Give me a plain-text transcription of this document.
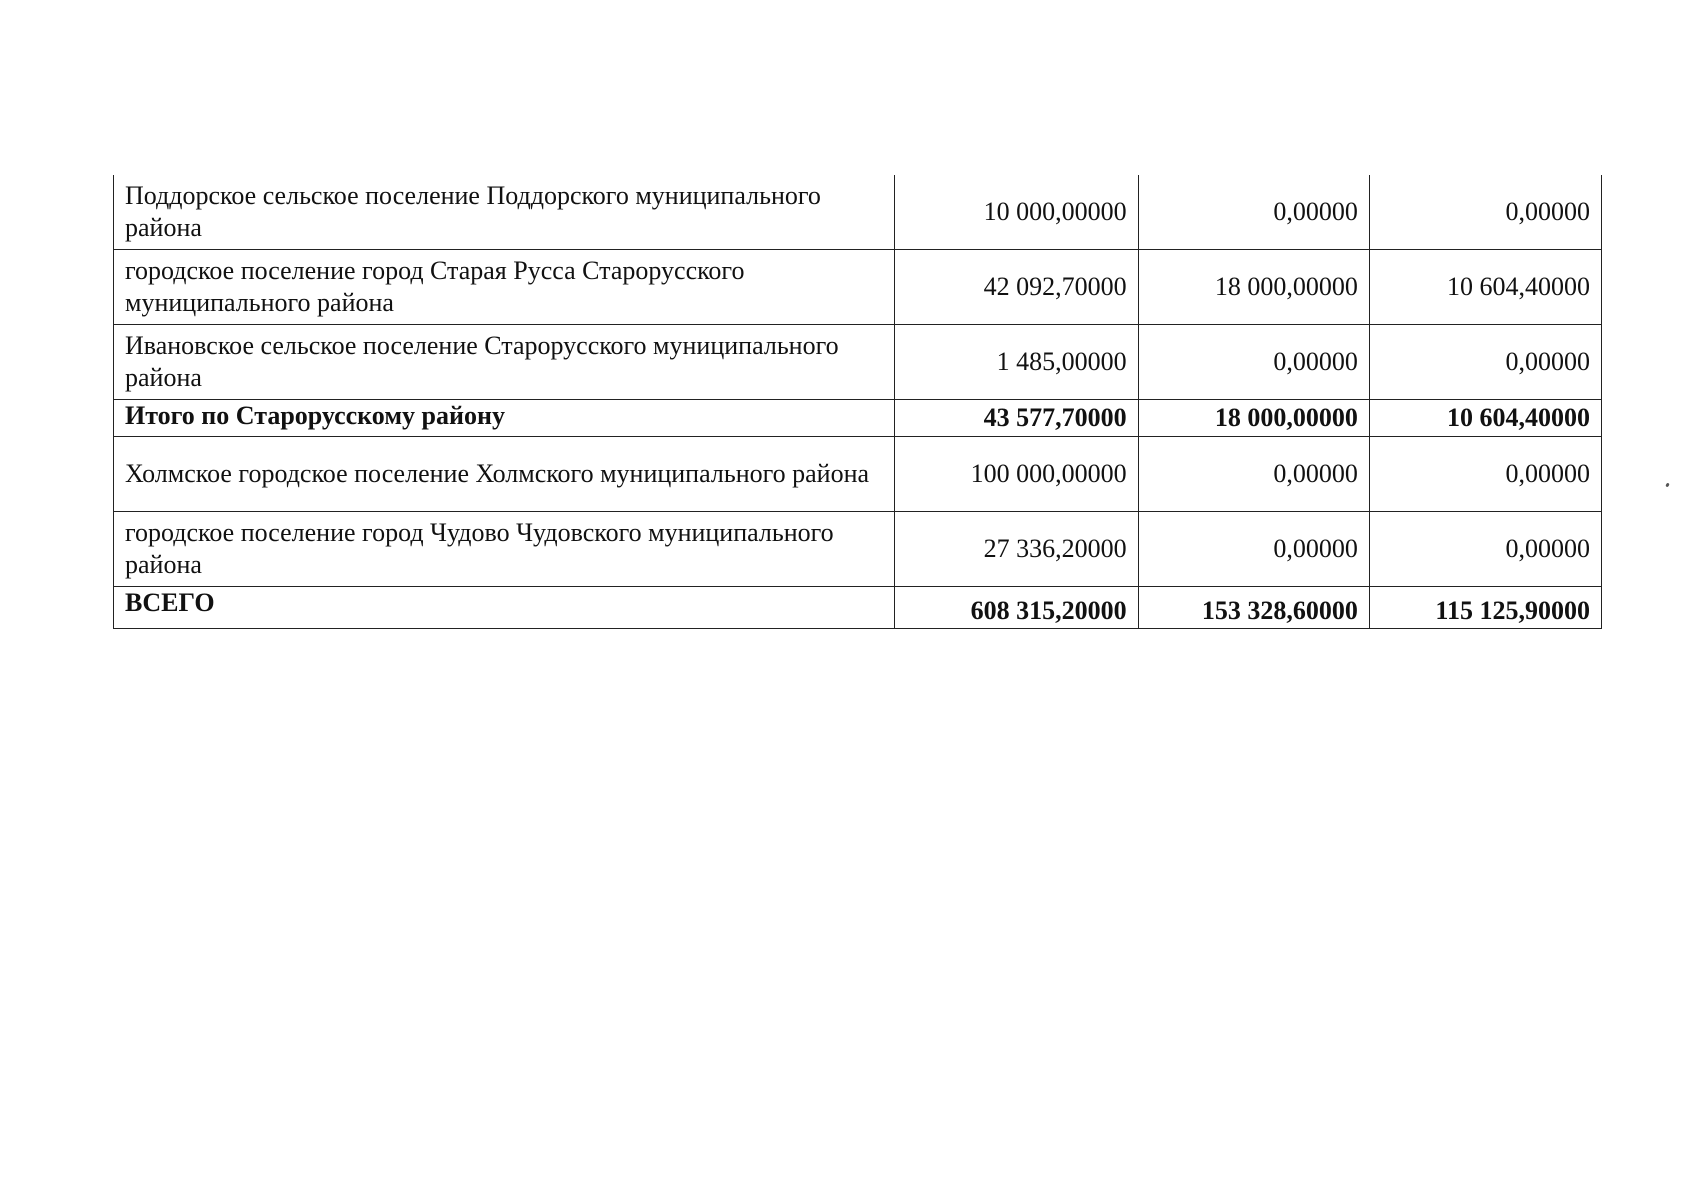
Поддорское сельское поселение Поддорского муниципального района	10 000,00000	0,00000	0,00000
городское поселение город Старая Русса Старорусского муниципального района	42 092,70000	18 000,00000	10 604,40000
Ивановское сельское поселение Старорусского муниципального района	1 485,00000	0,00000	0,00000
Итого по Старорусскому району	43 577,70000	18 000,00000	10 604,40000
Холмское городское поселение Холмского муниципального района	100 000,00000	0,00000	0,00000
городское поселение город Чудово Чудовского муниципального района	27 336,20000	0,00000	0,00000
ВСЕГО	608 315,20000	153 328,60000	115 125,90000
